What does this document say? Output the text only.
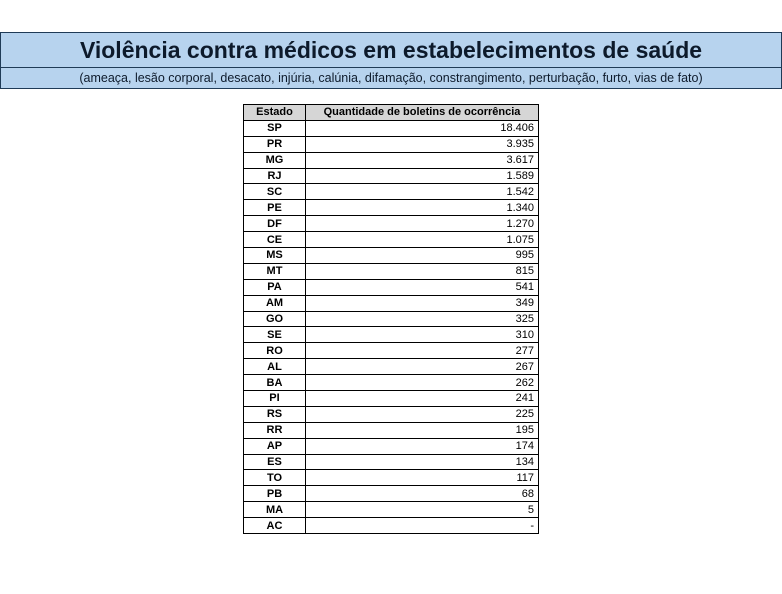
Violência contra médicos em estabelecimentos de saúde
(ameaça, lesão corporal, desacato, injúria, calúnia, difamação, constrangimento, perturbação, furto, vias de fato)
Estado	Quantidade de boletins de ocorrência
SP	18.406
PR	3.935
MG	3.617
RJ	1.589
SC	1.542
PE	1.340
DF	1.270
CE	1.075
MS	995
MT	815
PA	541
AM	349
GO	325
SE	310
RO	277
AL	267
BA	262
PI	241
RS	225
RR	195
AP	174
ES	134
TO	117
PB	68
MA	5
AC	-
